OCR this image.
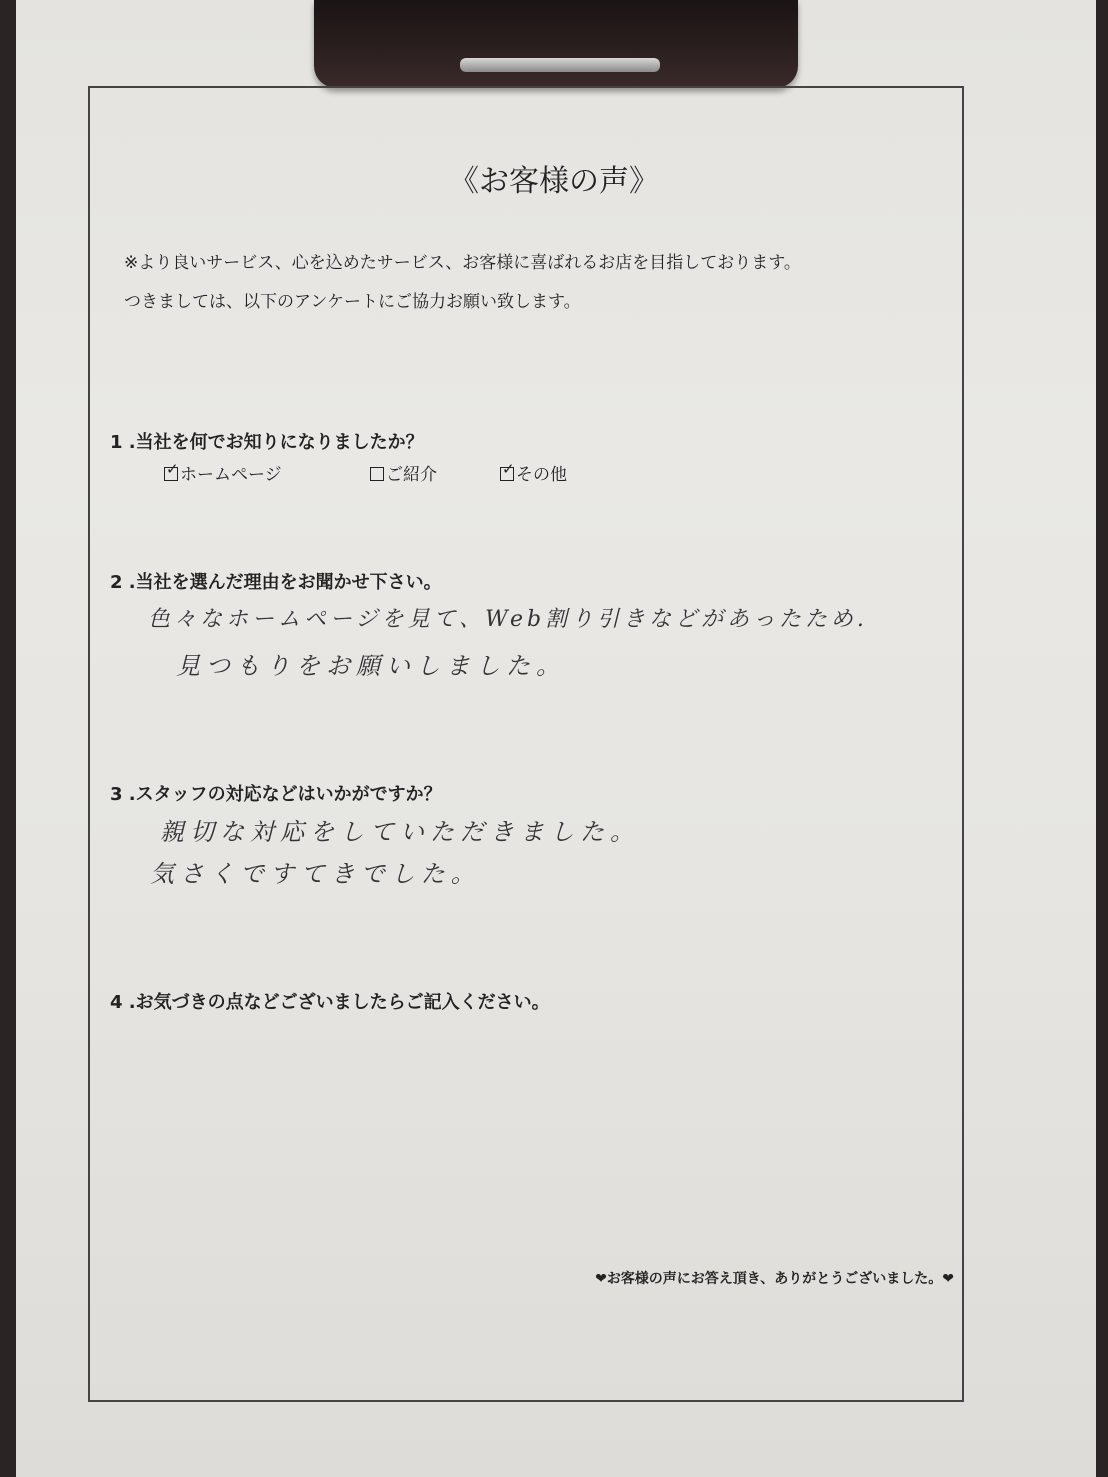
《お客様の声》
※より良いサービス、心を込めたサービス、お客様に喜ばれるお店を目指しております。
つきましては、以下のアンケートにご協力お願い致します。
1 .当社を何でお知りになりましたか？
✓ ホームページ	ご紹介	✓ その他
2 .当社を選んだ理由をお聞かせ下さい。
色々なホームページを見て、Web割り引きなどがあったため.
見つもりをお願いしました。
3 .スタッフの対応などはいかがですか？
親切な対応をしていただきました。
気さくですてきでした。
4 .お気づきの点などございましたらご記入ください。
❤お客様の声にお答え頂き、ありがとうございました。❤
